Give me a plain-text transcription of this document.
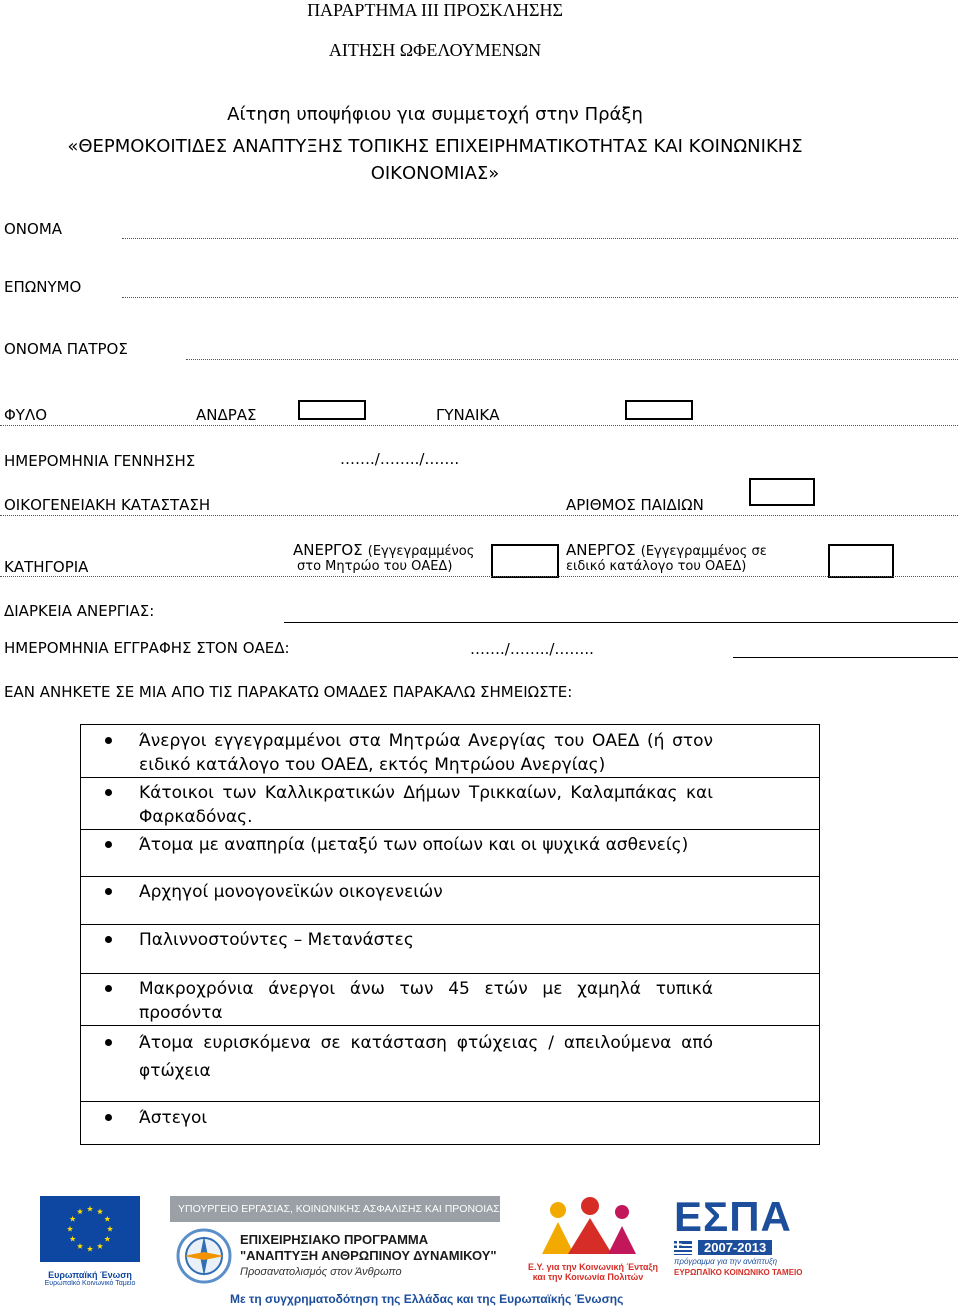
ΠΑΡΑΡΤΗΜΑ ΙΙΙ ΠΡΟΣΚΛΗΣΗΣ
ΑΙΤΗΣΗ ΩΦΕΛΟΥΜΕΝΩΝ
Αίτηση υποψήφιου για συμμετοχή στην Πράξη
«ΘΕΡΜΟΚΟΙΤΙΔΕΣ ΑΝΑΠΤΥΞΗΣ ΤΟΠΙΚΗΣ ΕΠΙΧΕΙΡΗΜΑΤΙΚΟΤΗΤΑΣ ΚΑΙ ΚΟΙΝΩΝΙΚΗΣ
ΟΙΚΟΝΟΜΙΑΣ»
ΟΝΟΜΑ
ΕΠΩΝΥΜΟ
ΟΝΟΜΑ ΠΑΤΡΟΣ
ΦΥΛΟ	ΑΝΔΡΑΣ	ΓΥΝΑΙΚΑ
ΗΜΕΡΟΜΗΝΙΑ ΓΕΝΝΗΣΗΣ	……./……../…….
ΟΙΚΟΓΕΝΕΙΑΚΗ ΚΑΤΑΣΤΑΣΗ	ΑΡΙΘΜΟΣ ΠΑΙΔΙΩΝ
ΚΑΤΗΓΟΡΙΑ
ΑΝΕΡΓΟΣ (Εγγεγραμμένος
στο Μητρώο του ΟΑΕΔ)
ΑΝΕΡΓΟΣ (Εγγεγραμμένος σε
ειδικό κατάλογο του ΟΑΕΔ)
ΔΙΑΡΚΕΙΑ ΑΝΕΡΓΙΑΣ:
ΗΜΕΡΟΜΗΝΙΑ ΕΓΓΡΑΦΗΣ ΣΤΟΝ ΟΑΕΔ:	……./……../……..
ΕΑΝ ΑΝΗΚΕΤΕ ΣΕ ΜΙΑ ΑΠΟ ΤΙΣ ΠΑΡΑΚΑΤΩ ΟΜΑΔΕΣ ΠΑΡΑΚΑΛΩ ΣΗΜΕΙΩΣΤΕ:
Άνεργοι εγγεγραμμένοι στα Μητρώα Ανεργίας του ΟΑΕΔ (ή στον ειδικό κατάλογο του ΟΑΕΔ, εκτός Μητρώου Ανεργίας)

Κάτοικοι των Καλλικρατικών Δήμων Τρικκαίων, Καλαμπάκας και Φαρκαδόνας.

Άτομα με αναπηρία (μεταξύ των οποίων και οι ψυχικά ασθενείς)

Αρχηγοί μονογονεϊκών οικογενειών

Παλιννοστούντες – Μετανάστες

Μακροχρόνια άνεργοι άνω των 45 ετών με χαμηλά τυπικά προσόντα

Άτομα ευρισκόμενα σε κατάσταση φτώχειας / απειλούμενα από φτώχεια

Άστεγοι
Ευρωπαϊκή Ένωση
Ευρωπαϊκό Κοινωνικό Ταμείο
ΥΠΟΥΡΓΕΙΟ ΕΡΓΑΣΙΑΣ, ΚΟΙΝΩΝΙΚΗΣ ΑΣΦΑΛΙΣΗΣ ΚΑΙ ΠΡΟΝΟΙΑΣ
ΕΠΙΧΕΙΡΗΣΙΑΚΟ ΠΡΟΓΡΑΜΜΑ
"ΑΝΑΠΤΥΞΗ ΑΝΘΡΩΠΙΝΟΥ ΔΥΝΑΜΙΚΟΥ"
Προσανατολισμός στον Άνθρωπο	Ε.Υ. για την Κοινωνική Ένταξη
και την Κοινωνία Πολιτών
ΕΣΠΑ
2007-2013
πρόγραμμα για την ανάπτυξη
ΕΥΡΩΠΑΪΚΟ ΚΟΙΝΩΝΙΚΟ ΤΑΜΕΙΟ
Με τη συγχρηματοδότηση της Ελλάδας και της Ευρωπαϊκής Ένωσης
